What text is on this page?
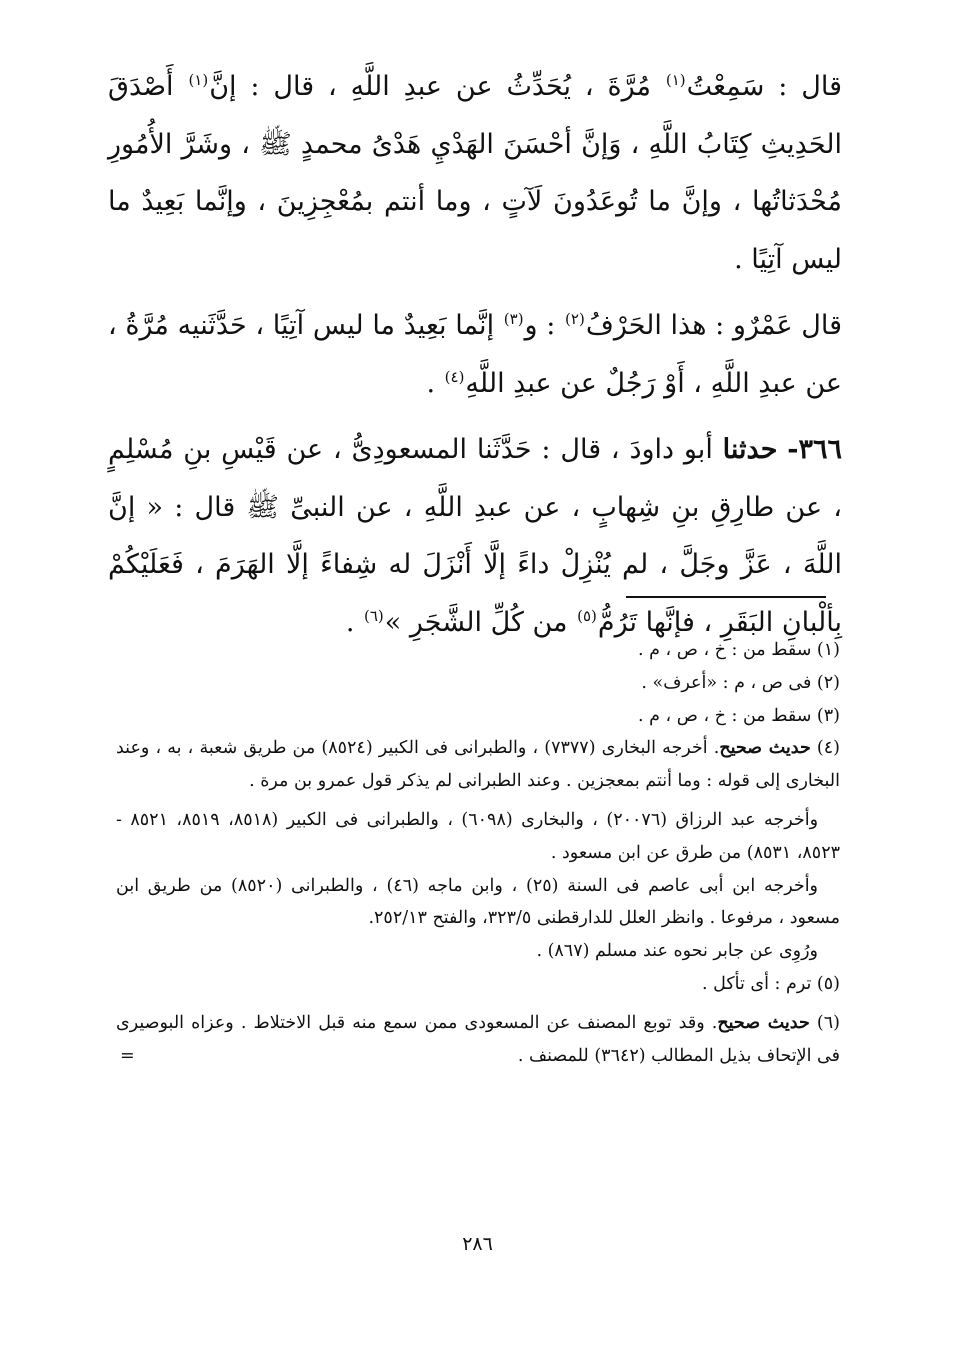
قال : سَمِعْتُ$^{(١)}$ مُرَّةَ ، يُحَدِّثُ عن عبدِ اللَّهِ ، قال : إنَّ$^{(١)}$ أَصْدَقَ الحَدِيثِ كِتَابُ اللَّهِ ، وَإنَّ أحْسَنَ الهَدْيِ هَدْىُ محمدٍ ﷺ ، وشَرَّ الأُمُورِ مُحْدَثاتُها ، وإنَّ ما تُوعَدُونَ لَآتٍ ، وما أنتم بمُعْجِزِينَ ، وإنَّما بَعِيدٌ ما ليس آتِيًا .

قال عَمْرٌو : هذا الحَرْفُ$^{(٢)}$ : و$^{(٣)}$ إنَّما بَعِيدٌ ما ليس آتِيًا ، حَدَّثَنيه مُرَّةُ ، عن عبدِ اللَّهِ ، أَوْ رَجُلٌ عن عبدِ اللَّهِ$^{(٤)}$ .

٣٦٦- حدثنا أبو داودَ ، قال : حَدَّثَنا المسعودِىُّ ، عن قَيْسِ بنِ مُسْلِمٍ ، عن طارِقِ بنِ شِهابٍ ، عن عبدِ اللَّهِ ، عن النبىِّ ﷺ قال : « إنَّ اللَّهَ ، عَزَّ وجَلَّ ، لم يُنْزِلْ داءً إلَّا أَنْزَلَ له شِفاءً إلَّا الهَرَمَ ، فَعَلَيْكُمْ بِألْبانِ البَقَرِ ، فإنَّها تَرُمُّ$^{(٥)}$ من كُلِّ الشَّجَرِ »$^{(٦)}$ .

(١) سقط من : خ ، ص ، م .

(٢) فى ص ، م : «أعرف» .

(٣) سقط من : خ ، ص ، م .

(٤) حديث صحيح. أخرجه البخارى (٧٣٧٧) ، والطبرانى فى الكبير (٨٥٢٤) من طريق شعبة ، به ، وعند البخارى إلى قوله : وما أنتم بمعجزين . وعند الطبرانى لم يذكر قول عمرو بن مرة .

وأخرجه عبد الرزاق (٢٠٠٧٦) ، والبخارى (٦٠٩٨) ، والطبرانى فى الكبير (٨٥١٨، ٨٥١٩، ٨٥٢١ - ٨٥٢٣، ٨٥٣١) من طرق عن ابن مسعود .

وأخرجه ابن أبى عاصم فى السنة (٢٥) ، وابن ماجه (٤٦) ، والطبرانى (٨٥٢٠) من طريق ابن مسعود ، مرفوعا . وانظر العلل للدارقطنى ٣٢٣/٥، والفتح ٢٥٢/١٣.

ورُوِى عن جابر نحوه عند مسلم (٨٦٧) .

(٥) ترم : أى تأكل .

(٦) حديث صحيح. وقد توبع المصنف عن المسعودى ممن سمع منه قبل الاختلاط . وعزاه البوصيرى فى الإتحاف بذيل المطالب (٣٦٤٢) للمصنف .
=

٢٨٦
